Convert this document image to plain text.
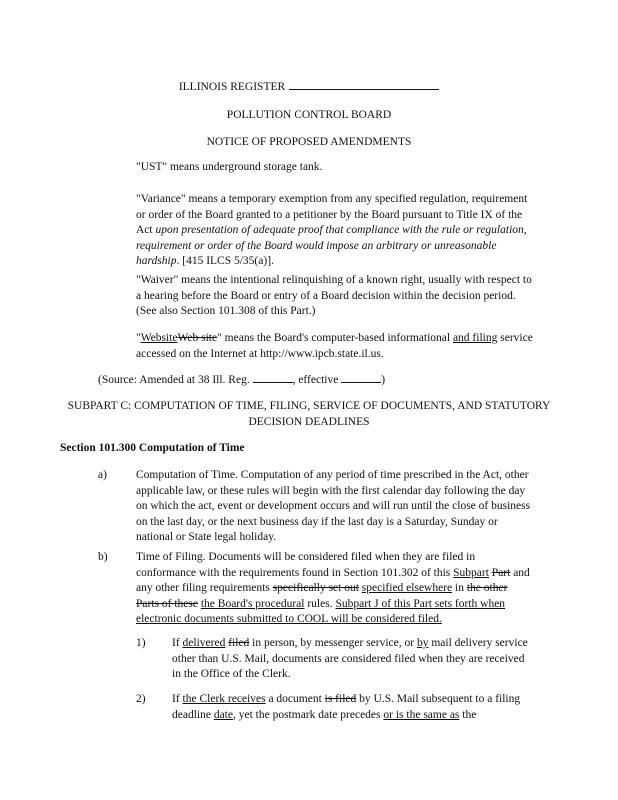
ILLINOIS REGISTER
POLLUTION CONTROL BOARD
NOTICE OF PROPOSED AMENDMENTS
"UST" means underground storage tank.
"Variance" means a temporary exemption from any specified regulation, requirement or order of the Board granted to a petitioner by the Board pursuant to Title IX of the Act upon presentation of adequate proof that compliance with the rule or regulation, requirement or order of the Board would impose an arbitrary or unreasonable hardship. [415 ILCS 5/35(a)].
"Waiver" means the intentional relinquishing of a known right, usually with respect to a hearing before the Board or entry of a Board decision within the decision period. (See also Section 101.308 of this Part.)
"WebsiteWeb site" means the Board's computer-based informational and filing service accessed on the Internet at http://www.ipcb.state.il.us.
(Source: Amended at 38 Ill. Reg.	, effective	)
SUBPART C: COMPUTATION OF TIME, FILING, SERVICE OF DOCUMENTS, AND STATUTORY DECISION DEADLINES
Section 101.300 Computation of Time
a)	Computation of Time. Computation of any period of time prescribed in the Act, other applicable law, or these rules will begin with the first calendar day following the day on which the act, event or development occurs and will run until the close of business on the last day, or the next business day if the last day is a Saturday, Sunday or national or State legal holiday.
b)	Time of Filing. Documents will be considered filed when they are filed in conformance with the requirements found in Section 101.302 of this Subpart Part and any other filing requirements specifically set out specified elsewhere in the other Parts of these the Board's procedural rules. Subpart J of this Part sets forth when electronic documents submitted to COOL will be considered filed.
1)	If delivered filed in person, by messenger service, or by mail delivery service other than U.S. Mail, documents are considered filed when they are received in the Office of the Clerk.
2)	If the Clerk receives a document is filed by U.S. Mail subsequent to a filing deadline date, yet the postmark date precedes or is the same as the
